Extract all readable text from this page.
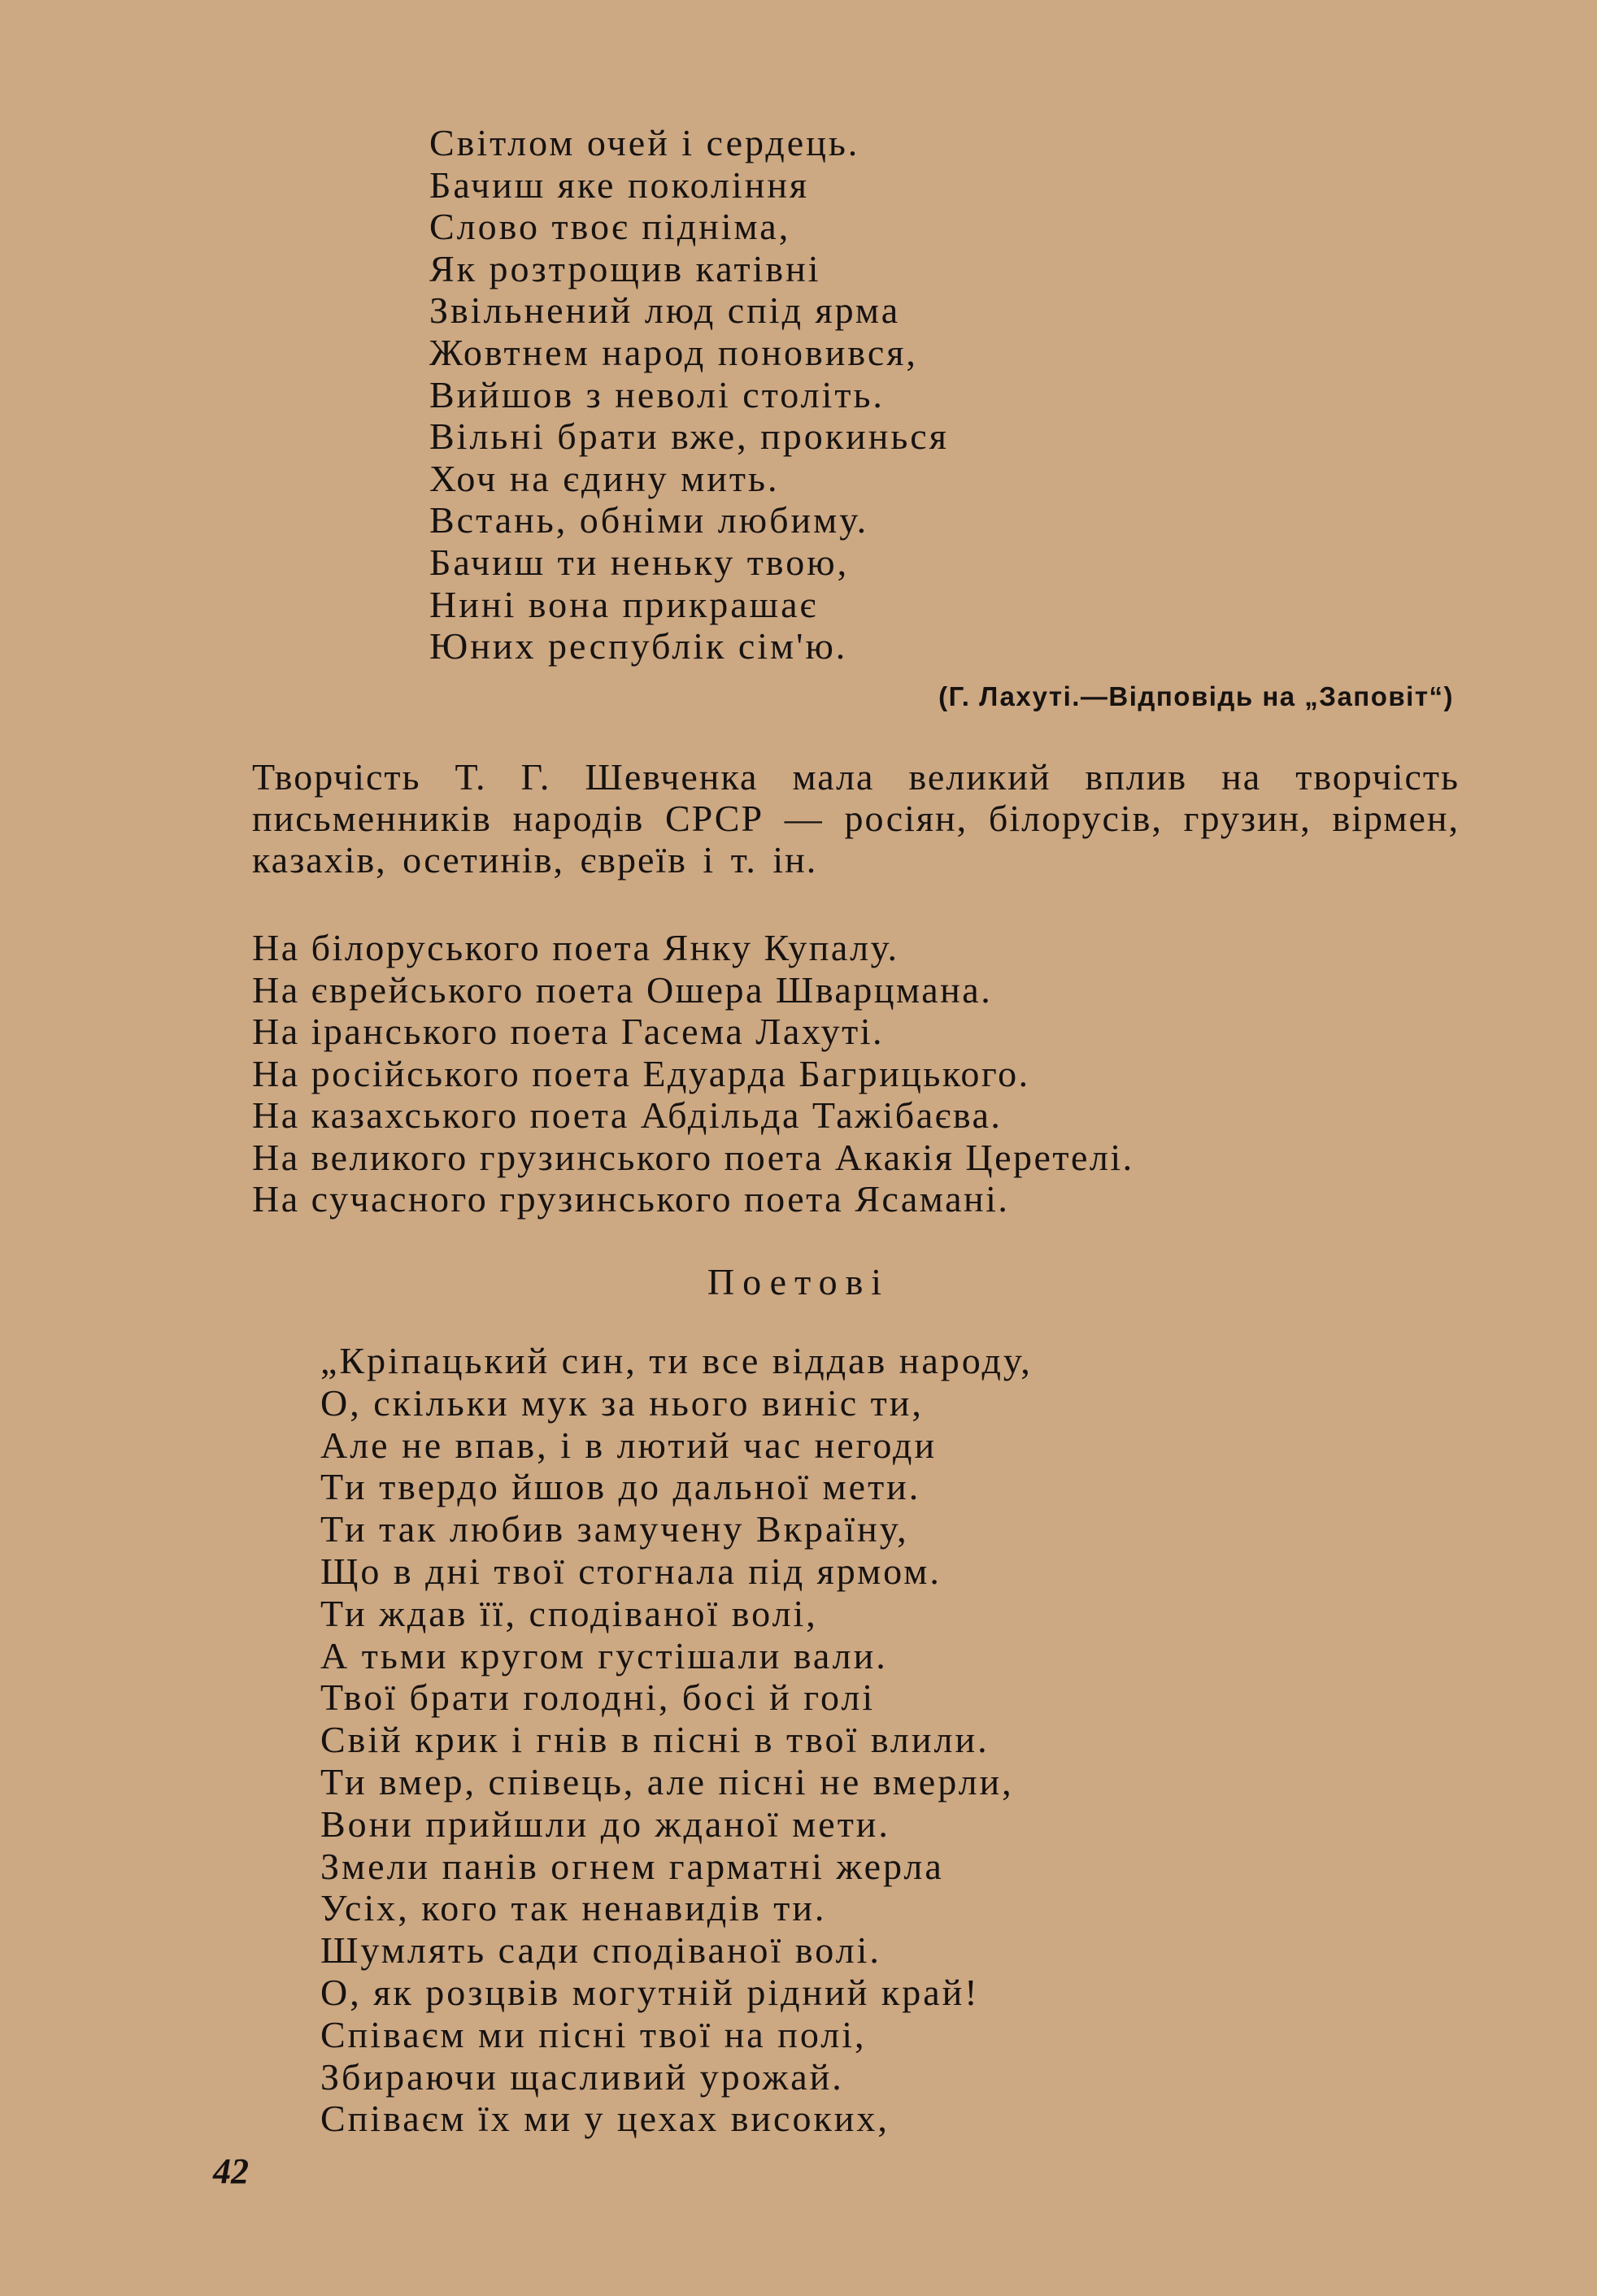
Світлом очей і сердець.
Бачиш яке покоління
Слово твоє підніма,
Як розтрощив катівні
Звільнений люд спід ярма
Жовтнем народ поновився,
Вийшов з неволі століть.
Вільні брати вже, прокинься
Хоч на єдину мить.
Встань, обніми любиму.
Бачиш ти неньку твою,
Нині вона прикрашає
Юних республік сім'ю.
(Г. Лахуті.—Відповідь на „Заповіт“)
Творчість Т. Г. Шевченка мала великий вплив на творчість письменників народів СРСР — росіян, білорусів, грузин, вірмен, казахів, осетинів, євреїв і т. ін.
На білоруського поета Янку Купалу.
На єврейського поета Ошера Шварцмана.
На іранського поета Гасема Лахуті.
На російського поета Едуарда Багрицького.
На казахського поета Абдільда Тажібаєва.
На великого грузинського поета Акакія Церетелі.
На сучасного грузинського поета Ясамані.
Поетові
„Кріпацький син, ти все віддав народу,
О, скільки мук за нього виніс ти,
Але не впав, і в лютий час негоди
Ти твердо йшов до дальної мети.
Ти так любив замучену Вкраїну,
Що в дні твої стогнала під ярмом.
Ти ждав її, сподіваної волі,
А тьми кругом густішали вали.
Твої брати голодні, босі й голі
Свій крик і гнів в пісні в твої влили.
Ти вмер, співець, але пісні не вмерли,
Вони прийшли до жданої мети.
Змели панів огнем гарматні жерла
Усіх, кого так ненавидів ти.
Шумлять сади сподіваної волі.
О, як розцвів могутній рідний край!
Співаєм ми пісні твої на полі,
Збираючи щасливий урожай.
Співаєм їх ми у цехах високих,
42
